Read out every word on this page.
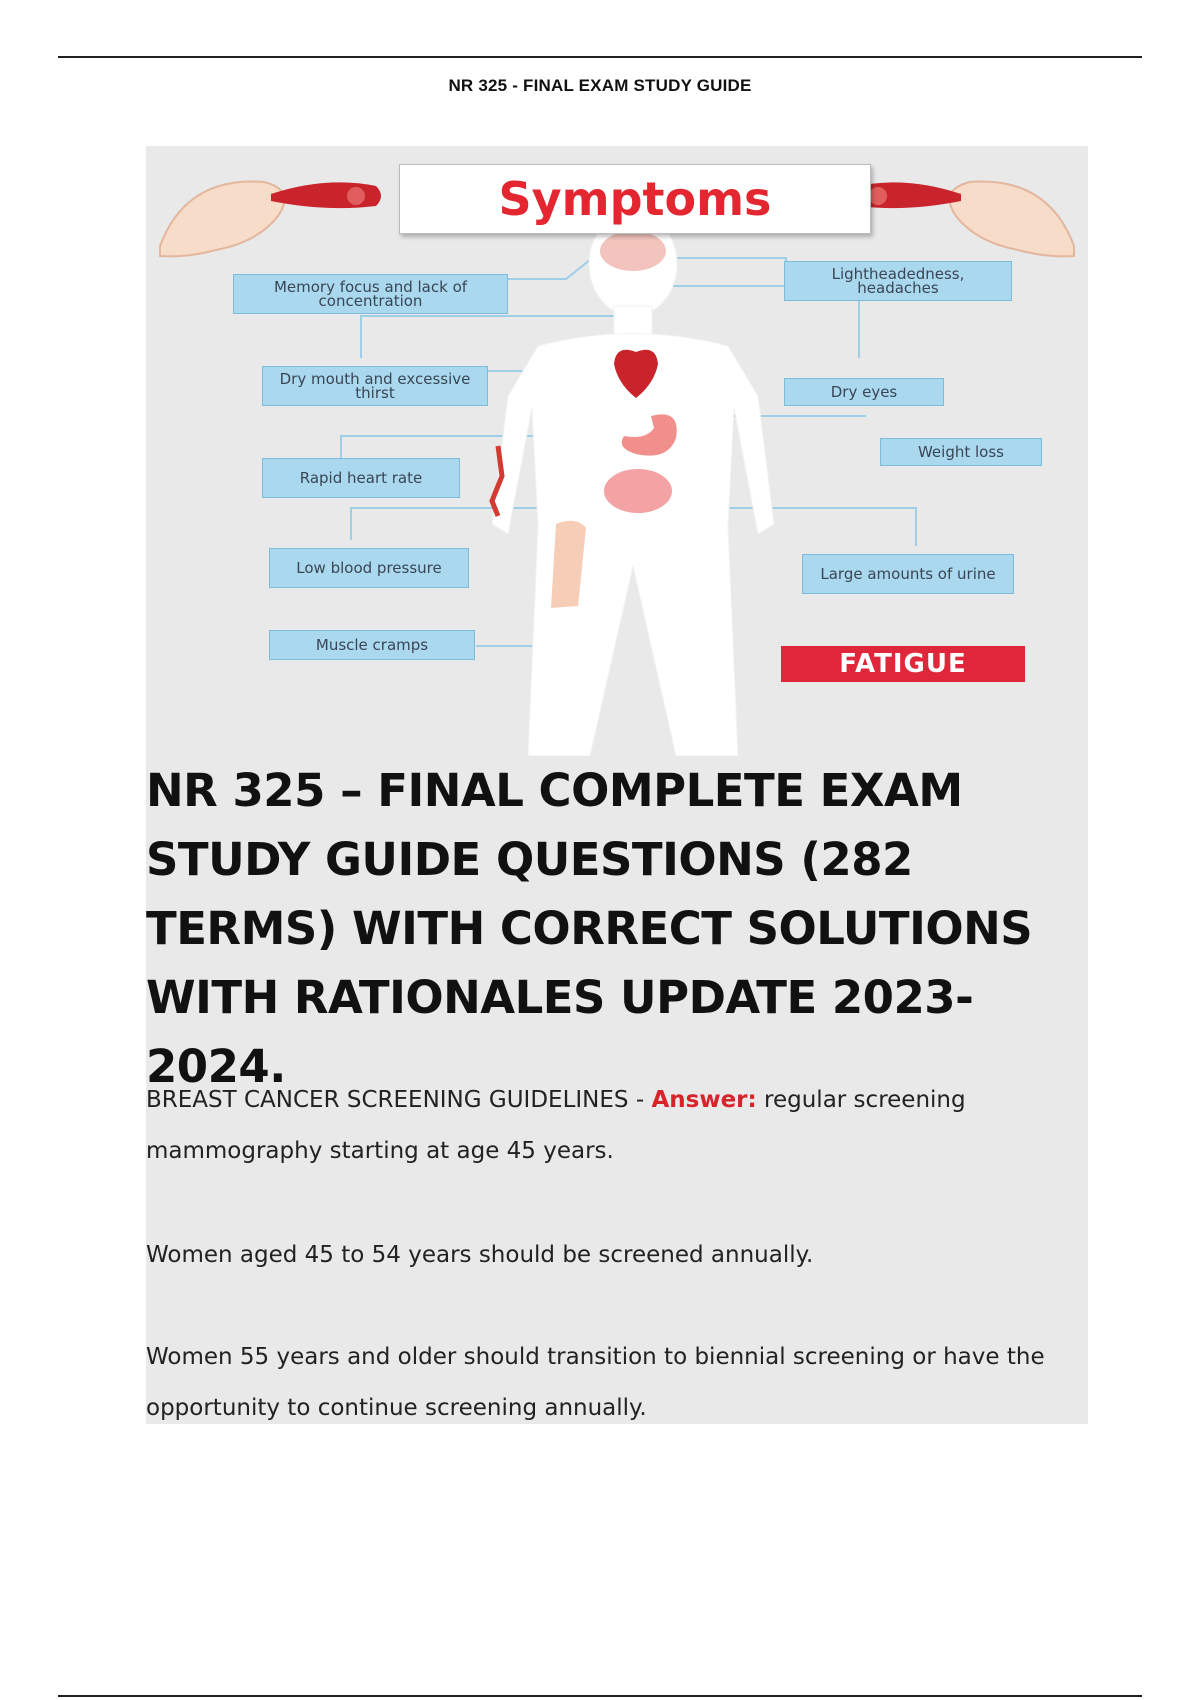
NR 325 - FINAL EXAM STUDY GUIDE
Symptoms
Memory focus and lack of concentration
Lightheadedness, headaches
Dry mouth and excessive thirst	Dry eyes
Weight loss
Rapid heart rate
Low blood pressure	Large amounts of urine
Muscle cramps
FATIGUE
NR 325 – FINAL COMPLETE EXAM STUDY GUIDE QUESTIONS (282 TERMS) WITH CORRECT SOLUTIONS WITH RATIONALES UPDATE 2023-2024.
BREAST CANCER SCREENING GUIDELINES - Answer: regular screening mammography starting at age 45 years.
Women aged 45 to 54 years should be screened annually.
Women 55 years and older should transition to biennial screening or have the opportunity to continue screening annually.
